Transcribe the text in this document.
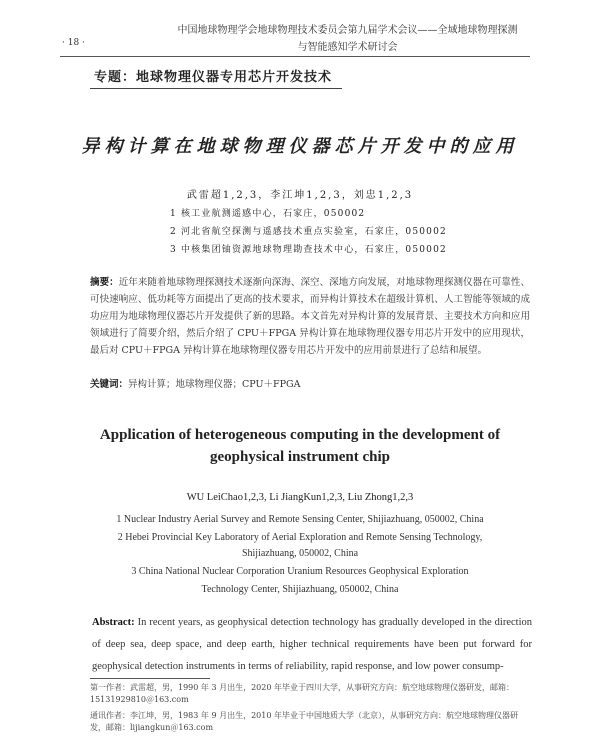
· 18 ·
中国地球物理学会地球物理技术委员会第九届学术会议——全域地球物理探测
与智能感知学术研讨会
专题：地球物理仪器专用芯片开发技术
异构计算在地球物理仪器芯片开发中的应用
武雷超1,2,3，李江坤1,2,3，刘忠1,2,3
1 核工业航测遥感中心，石家庄，050002
2 河北省航空探测与遥感技术重点实验室，石家庄，050002
3 中核集团铀资源地球物理勘查技术中心，石家庄，050002
摘要：近年来随着地球物理探测技术逐渐向深海、深空、深地方向发展，对地球物理探测仪器在可靠性、可快速响应、低功耗等方面提出了更高的技术要求，而异构计算技术在超级计算机、人工智能等领域的成功应用为地球物理仪器芯片开发提供了新的思路。本文首先对异构计算的发展背景、主要技术方向和应用领域进行了简要介绍，然后介绍了 CPU＋FPGA 异构计算在地球物理仪器专用芯片开发中的应用现状，最后对 CPU＋FPGA 异构计算在地球物理仪器专用芯片开发中的应用前景进行了总结和展望。
关键词：异构计算；地球物理仪器；CPU＋FPGA
Application of heterogeneous computing in the development of
geophysical instrument chip
WU LeiChao1,2,3, Li JiangKun1,2,3, Liu Zhong1,2,3
1 Nuclear Industry Aerial Survey and Remote Sensing Center, Shijiazhuang, 050002, China
2 Hebei Provincial Key Laboratory of Aerial Exploration and Remote Sensing Technology,
Shijiazhuang, 050002, China
3 China National Nuclear Corporation Uranium Resources Geophysical Exploration
Technology Center, Shijiazhuang, 050002, China
Abstract: In recent years, as geophysical detection technology has gradually developed in the direction of deep sea, deep space, and deep earth, higher technical requirements have been put forward for geophysical detection instruments in terms of reliability, rapid response, and low power consump-
第一作者：武雷超，男，1990 年 3 月出生，2020 年毕业于四川大学，从事研究方向：航空地球物理仪器研发，邮箱：15131929810＠163.com
通讯作者：李江坤，男，1983 年 9 月出生，2010 年毕业于中国地质大学（北京），从事研究方向：航空地球物理仪器研发，邮箱：lijiangkun＠163.com
